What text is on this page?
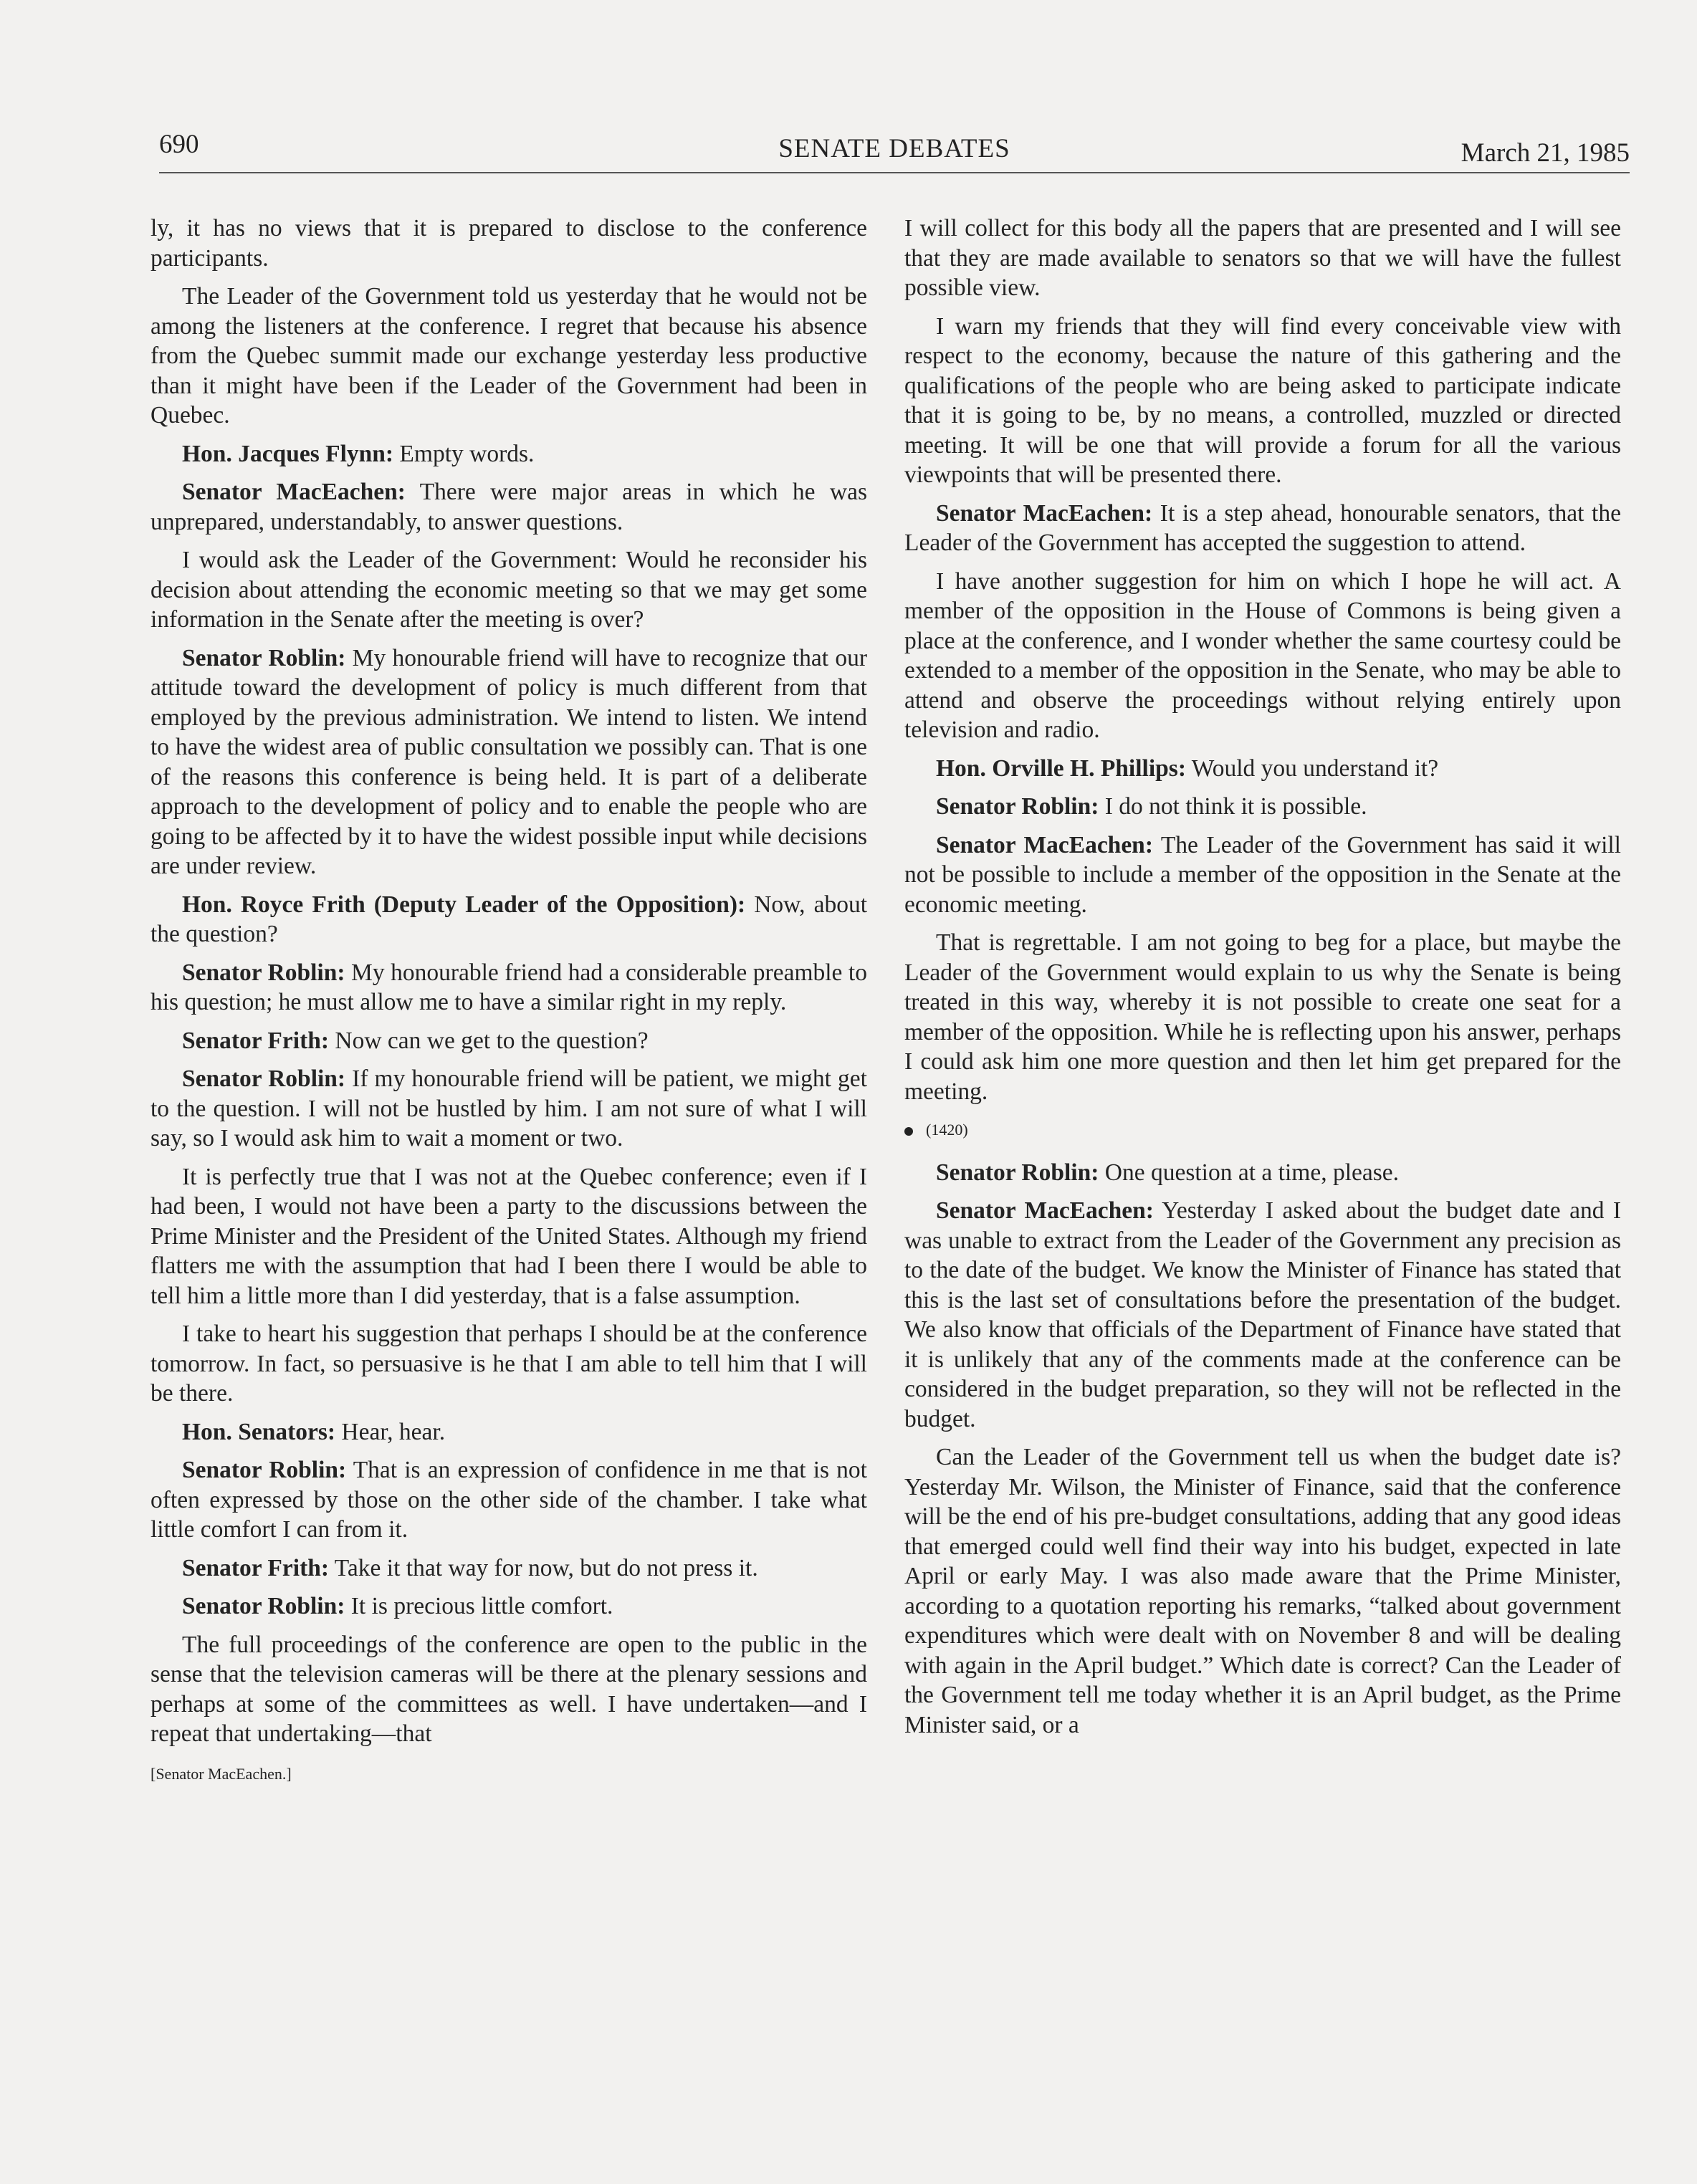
690	SENATE DEBATES	March 21, 1985

ly, it has no views that it is prepared to disclose to the conference participants.

The Leader of the Government told us yesterday that he would not be among the listeners at the conference. I regret that because his absence from the Quebec summit made our exchange yesterday less productive than it might have been if the Leader of the Government had been in Quebec.

Hon. Jacques Flynn: Empty words.

Senator MacEachen: There were major areas in which he was unprepared, understandably, to answer questions.

I would ask the Leader of the Government: Would he reconsider his decision about attending the economic meeting so that we may get some information in the Senate after the meeting is over?

Senator Roblin: My honourable friend will have to recognize that our attitude toward the development of policy is much different from that employed by the previous administration. We intend to listen. We intend to have the widest area of public consultation we possibly can. That is one of the reasons this conference is being held. It is part of a deliberate approach to the development of policy and to enable the people who are going to be affected by it to have the widest possible input while decisions are under review.

Hon. Royce Frith (Deputy Leader of the Opposition): Now, about the question?

Senator Roblin: My honourable friend had a considerable preamble to his question; he must allow me to have a similar right in my reply.

Senator Frith: Now can we get to the question?

Senator Roblin: If my honourable friend will be patient, we might get to the question. I will not be hustled by him. I am not sure of what I will say, so I would ask him to wait a moment or two.

It is perfectly true that I was not at the Quebec conference; even if I had been, I would not have been a party to the discussions between the Prime Minister and the President of the United States. Although my friend flatters me with the assumption that had I been there I would be able to tell him a little more than I did yesterday, that is a false assumption.

I take to heart his suggestion that perhaps I should be at the conference tomorrow. In fact, so persuasive is he that I am able to tell him that I will be there.

Hon. Senators: Hear, hear.

Senator Roblin: That is an expression of confidence in me that is not often expressed by those on the other side of the chamber. I take what little comfort I can from it.

Senator Frith: Take it that way for now, but do not press it.

Senator Roblin: It is precious little comfort.

The full proceedings of the conference are open to the public in the sense that the television cameras will be there at the plenary sessions and perhaps at some of the committees as well. I have undertaken—and I repeat that undertaking—that

[Senator MacEachen.]

I will collect for this body all the papers that are presented and I will see that they are made available to senators so that we will have the fullest possible view.

I warn my friends that they will find every conceivable view with respect to the economy, because the nature of this gathering and the qualifications of the people who are being asked to participate indicate that it is going to be, by no means, a controlled, muzzled or directed meeting. It will be one that will provide a forum for all the various viewpoints that will be presented there.

Senator MacEachen: It is a step ahead, honourable senators, that the Leader of the Government has accepted the suggestion to attend.

I have another suggestion for him on which I hope he will act. A member of the opposition in the House of Commons is being given a place at the conference, and I wonder whether the same courtesy could be extended to a member of the opposition in the Senate, who may be able to attend and observe the proceedings without relying entirely upon television and radio.

Hon. Orville H. Phillips: Would you understand it?

Senator Roblin: I do not think it is possible.

Senator MacEachen: The Leader of the Government has said it will not be possible to include a member of the opposition in the Senate at the economic meeting.

That is regrettable. I am not going to beg for a place, but maybe the Leader of the Government would explain to us why the Senate is being treated in this way, whereby it is not possible to create one seat for a member of the opposition. While he is reflecting upon his answer, perhaps I could ask him one more question and then let him get prepared for the meeting.

(1420)

Senator Roblin: One question at a time, please.

Senator MacEachen: Yesterday I asked about the budget date and I was unable to extract from the Leader of the Government any precision as to the date of the budget. We know the Minister of Finance has stated that this is the last set of consultations before the presentation of the budget. We also know that officials of the Department of Finance have stated that it is unlikely that any of the comments made at the conference can be considered in the budget preparation, so they will not be reflected in the budget.

Can the Leader of the Government tell us when the budget date is? Yesterday Mr. Wilson, the Minister of Finance, said that the conference will be the end of his pre-budget consultations, adding that any good ideas that emerged could well find their way into his budget, expected in late April or early May. I was also made aware that the Prime Minister, according to a quotation reporting his remarks, “talked about government expenditures which were dealt with on November 8 and will be dealing with again in the April budget.” Which date is correct? Can the Leader of the Government tell me today whether it is an April budget, as the Prime Minister said, or a
